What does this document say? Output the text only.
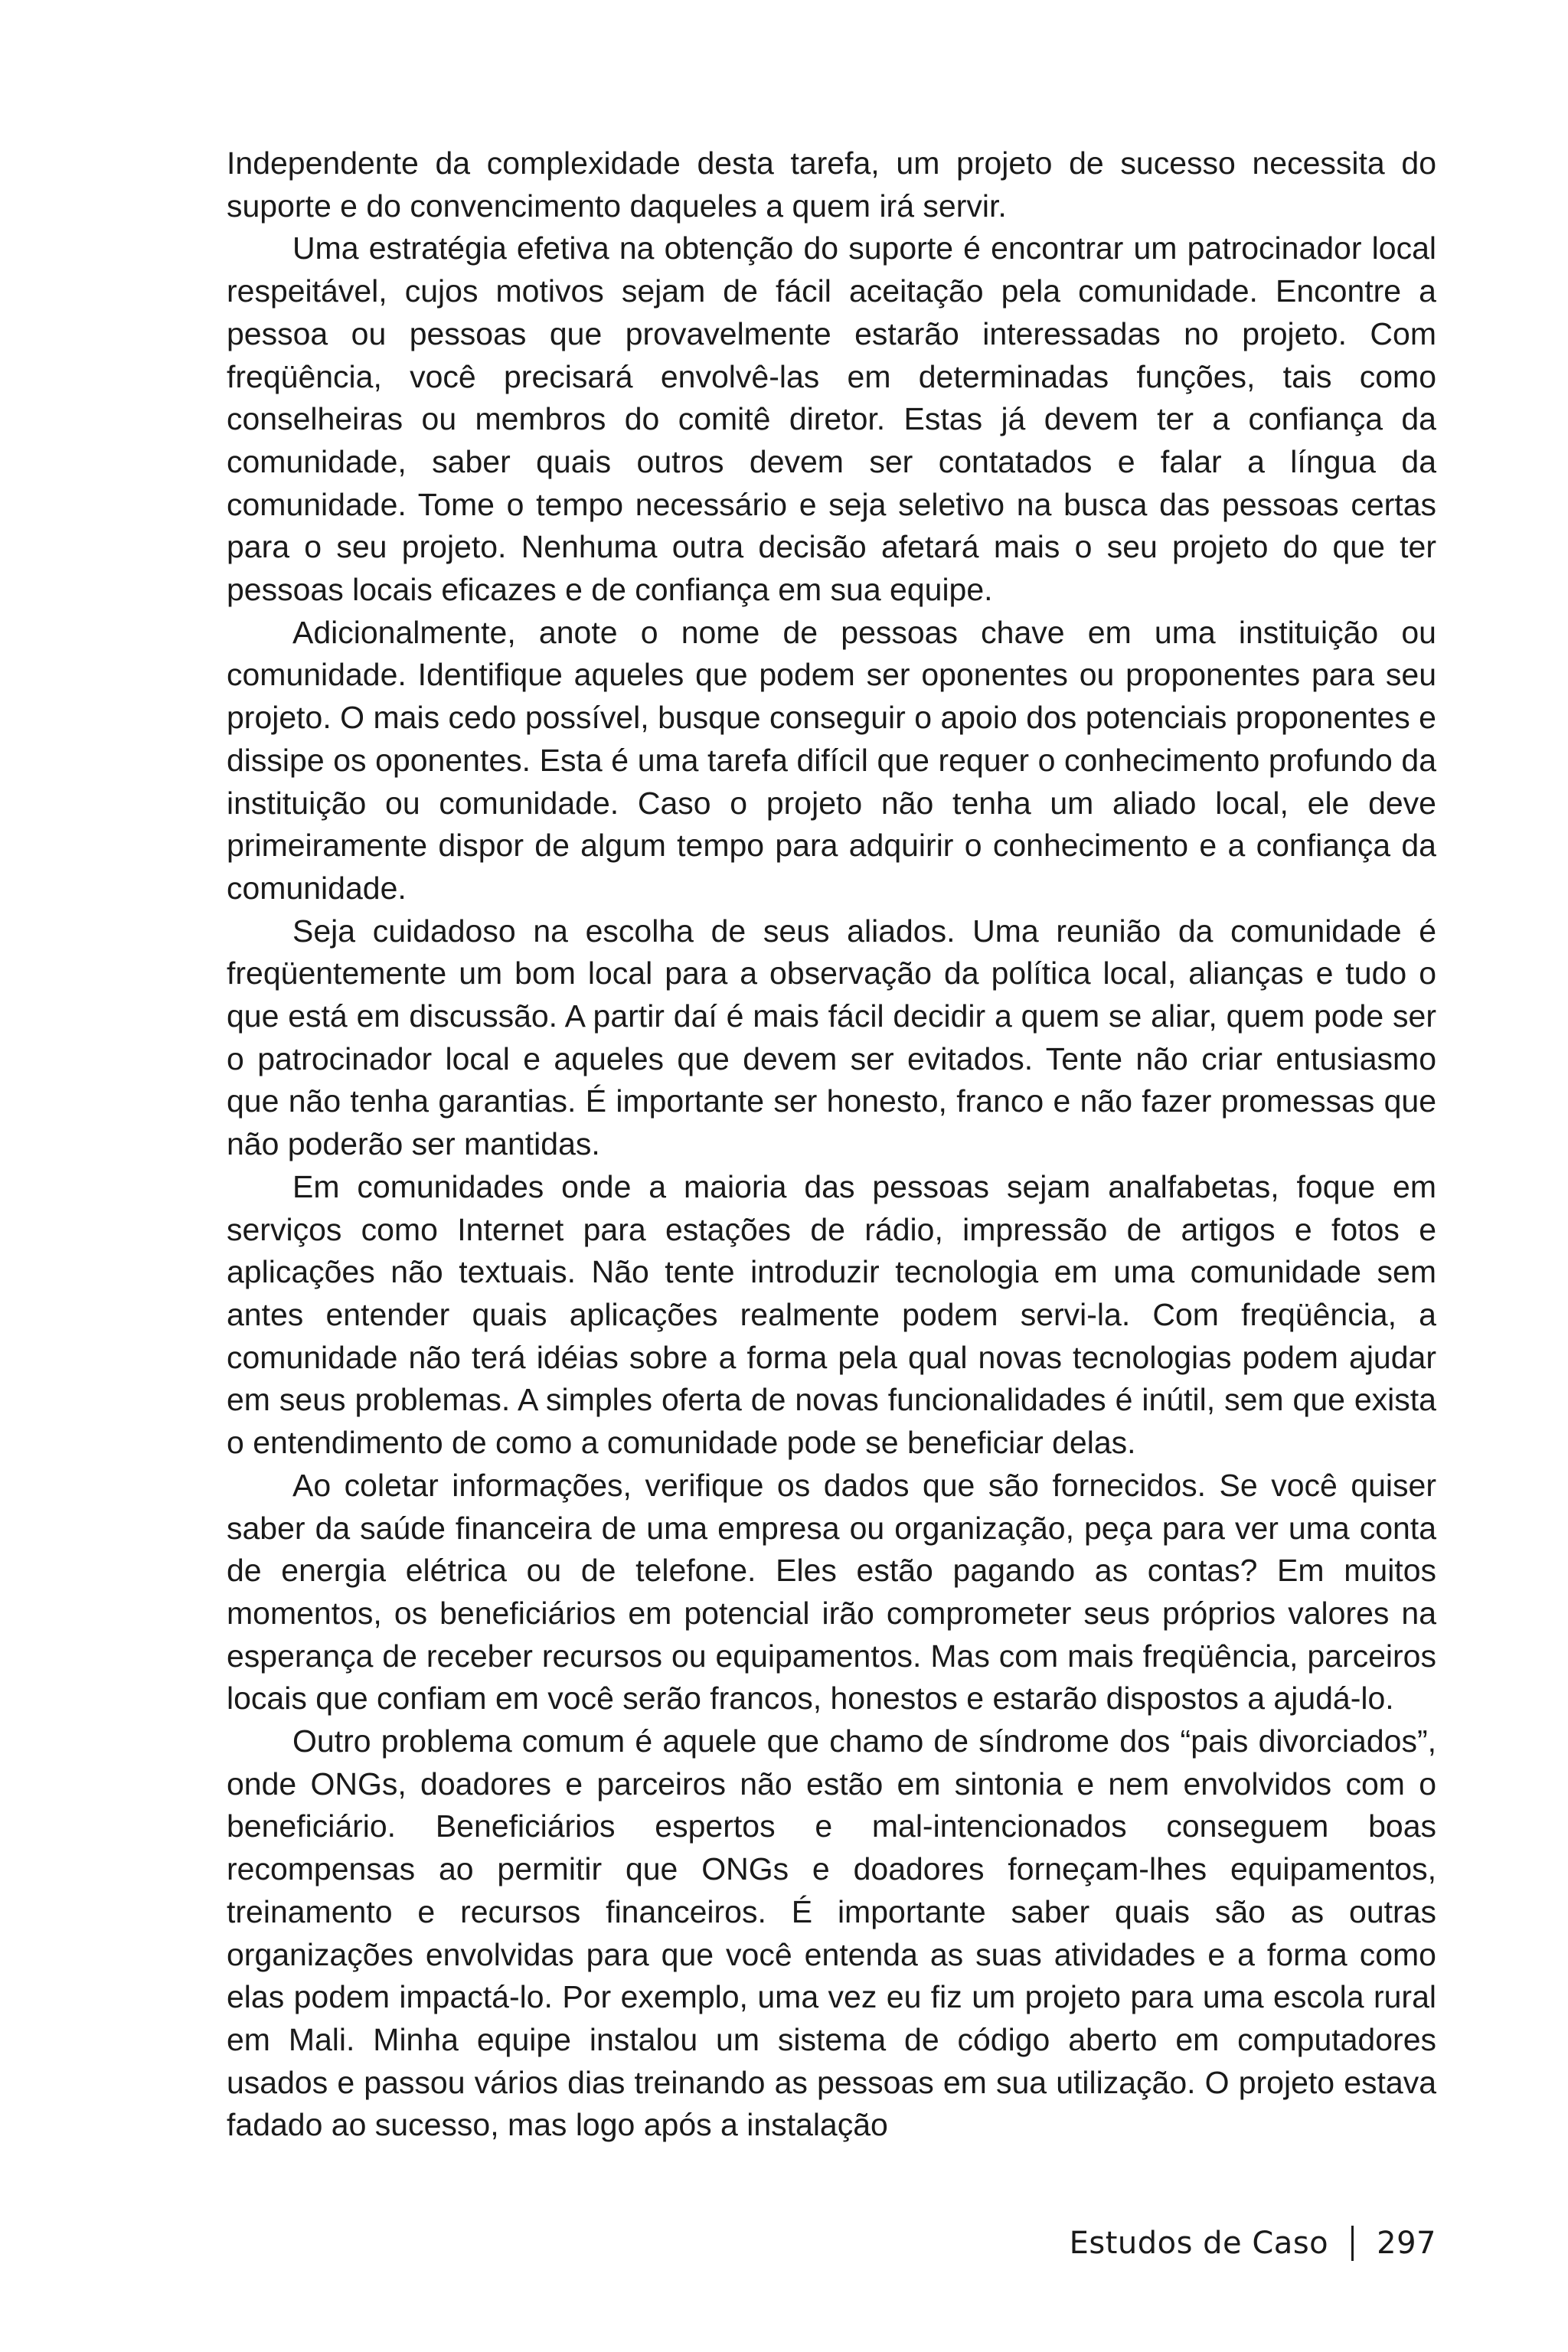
Independente da complexidade desta tarefa, um projeto de sucesso necessita do suporte e do convencimento daqueles a quem irá servir.

Uma estratégia efetiva na obtenção do suporte é encontrar um patrocinador local respeitável, cujos motivos sejam de fácil aceitação pela comunidade. Encontre a pessoa ou pessoas que provavelmente estarão interessadas no projeto. Com freqüência, você precisará envolvê-las em determinadas funções, tais como conselheiras ou membros do comitê diretor. Estas já devem ter a confiança da comunidade, saber quais outros devem ser contatados e falar a língua da comunidade. Tome o tempo necessário e seja seletivo na busca das pessoas certas para o seu projeto. Nenhuma outra decisão afetará mais o seu projeto do que ter pessoas locais eficazes e de confiança em sua equipe.

Adicionalmente, anote o nome de pessoas chave em uma instituição ou comunidade. Identifique aqueles que podem ser oponentes ou proponentes para seu projeto. O mais cedo possível, busque conseguir o apoio dos potenciais proponentes e dissipe os oponentes. Esta é uma tarefa difícil que requer o conhecimento profundo da instituição ou comunidade. Caso o projeto não tenha um aliado local, ele deve primeiramente dispor de algum tempo para adquirir o conhecimento e a confiança da comunidade.

Seja cuidadoso na escolha de seus aliados. Uma reunião da comunidade é freqüentemente um bom local para a observação da política local, alianças e tudo o que está em discussão. A partir daí é mais fácil decidir a quem se aliar, quem pode ser o patrocinador local e aqueles que devem ser evitados. Tente não criar entusiasmo que não tenha garantias. É importante ser honesto, franco e não fazer promessas que não poderão ser mantidas.

Em comunidades onde a maioria das pessoas sejam analfabetas, foque em serviços como Internet para estações de rádio, impressão de artigos e fotos e aplicações não textuais. Não tente introduzir tecnologia em uma comunidade sem antes entender quais aplicações realmente podem servi-la. Com freqüência, a comunidade não terá idéias sobre a forma pela qual novas tecnologias podem ajudar em seus problemas. A simples oferta de novas funcionalidades é inútil, sem que exista o entendimento de como a comunidade pode se beneficiar delas.

Ao coletar informações, verifique os dados que são fornecidos. Se você quiser saber da saúde financeira de uma empresa ou organização, peça para ver uma conta de energia elétrica ou de telefone. Eles estão pagando as contas? Em muitos momentos, os beneficiários em potencial irão comprometer seus próprios valores na esperança de receber recursos ou equipamentos. Mas com mais freqüência, parceiros locais que confiam em você serão francos, honestos e estarão dispostos a ajudá-lo.

Outro problema comum é aquele que chamo de síndrome dos “pais divorciados”, onde ONGs, doadores e parceiros não estão em sintonia e nem envolvidos com o beneficiário. Beneficiários espertos e mal-intencionados conseguem boas recompensas ao permitir que ONGs e doadores forneçam-lhes equipamentos, treinamento e recursos financeiros. É importante saber quais são as outras organizações envolvidas para que você entenda as suas atividades e a forma como elas podem impactá-lo. Por exemplo, uma vez eu fiz um projeto para uma escola rural em Mali. Minha equipe instalou um sistema de código aberto em computadores usados e passou vários dias treinando as pessoas em sua utilização. O projeto estava fadado ao sucesso, mas logo após a instalação

Estudos de Caso 297
